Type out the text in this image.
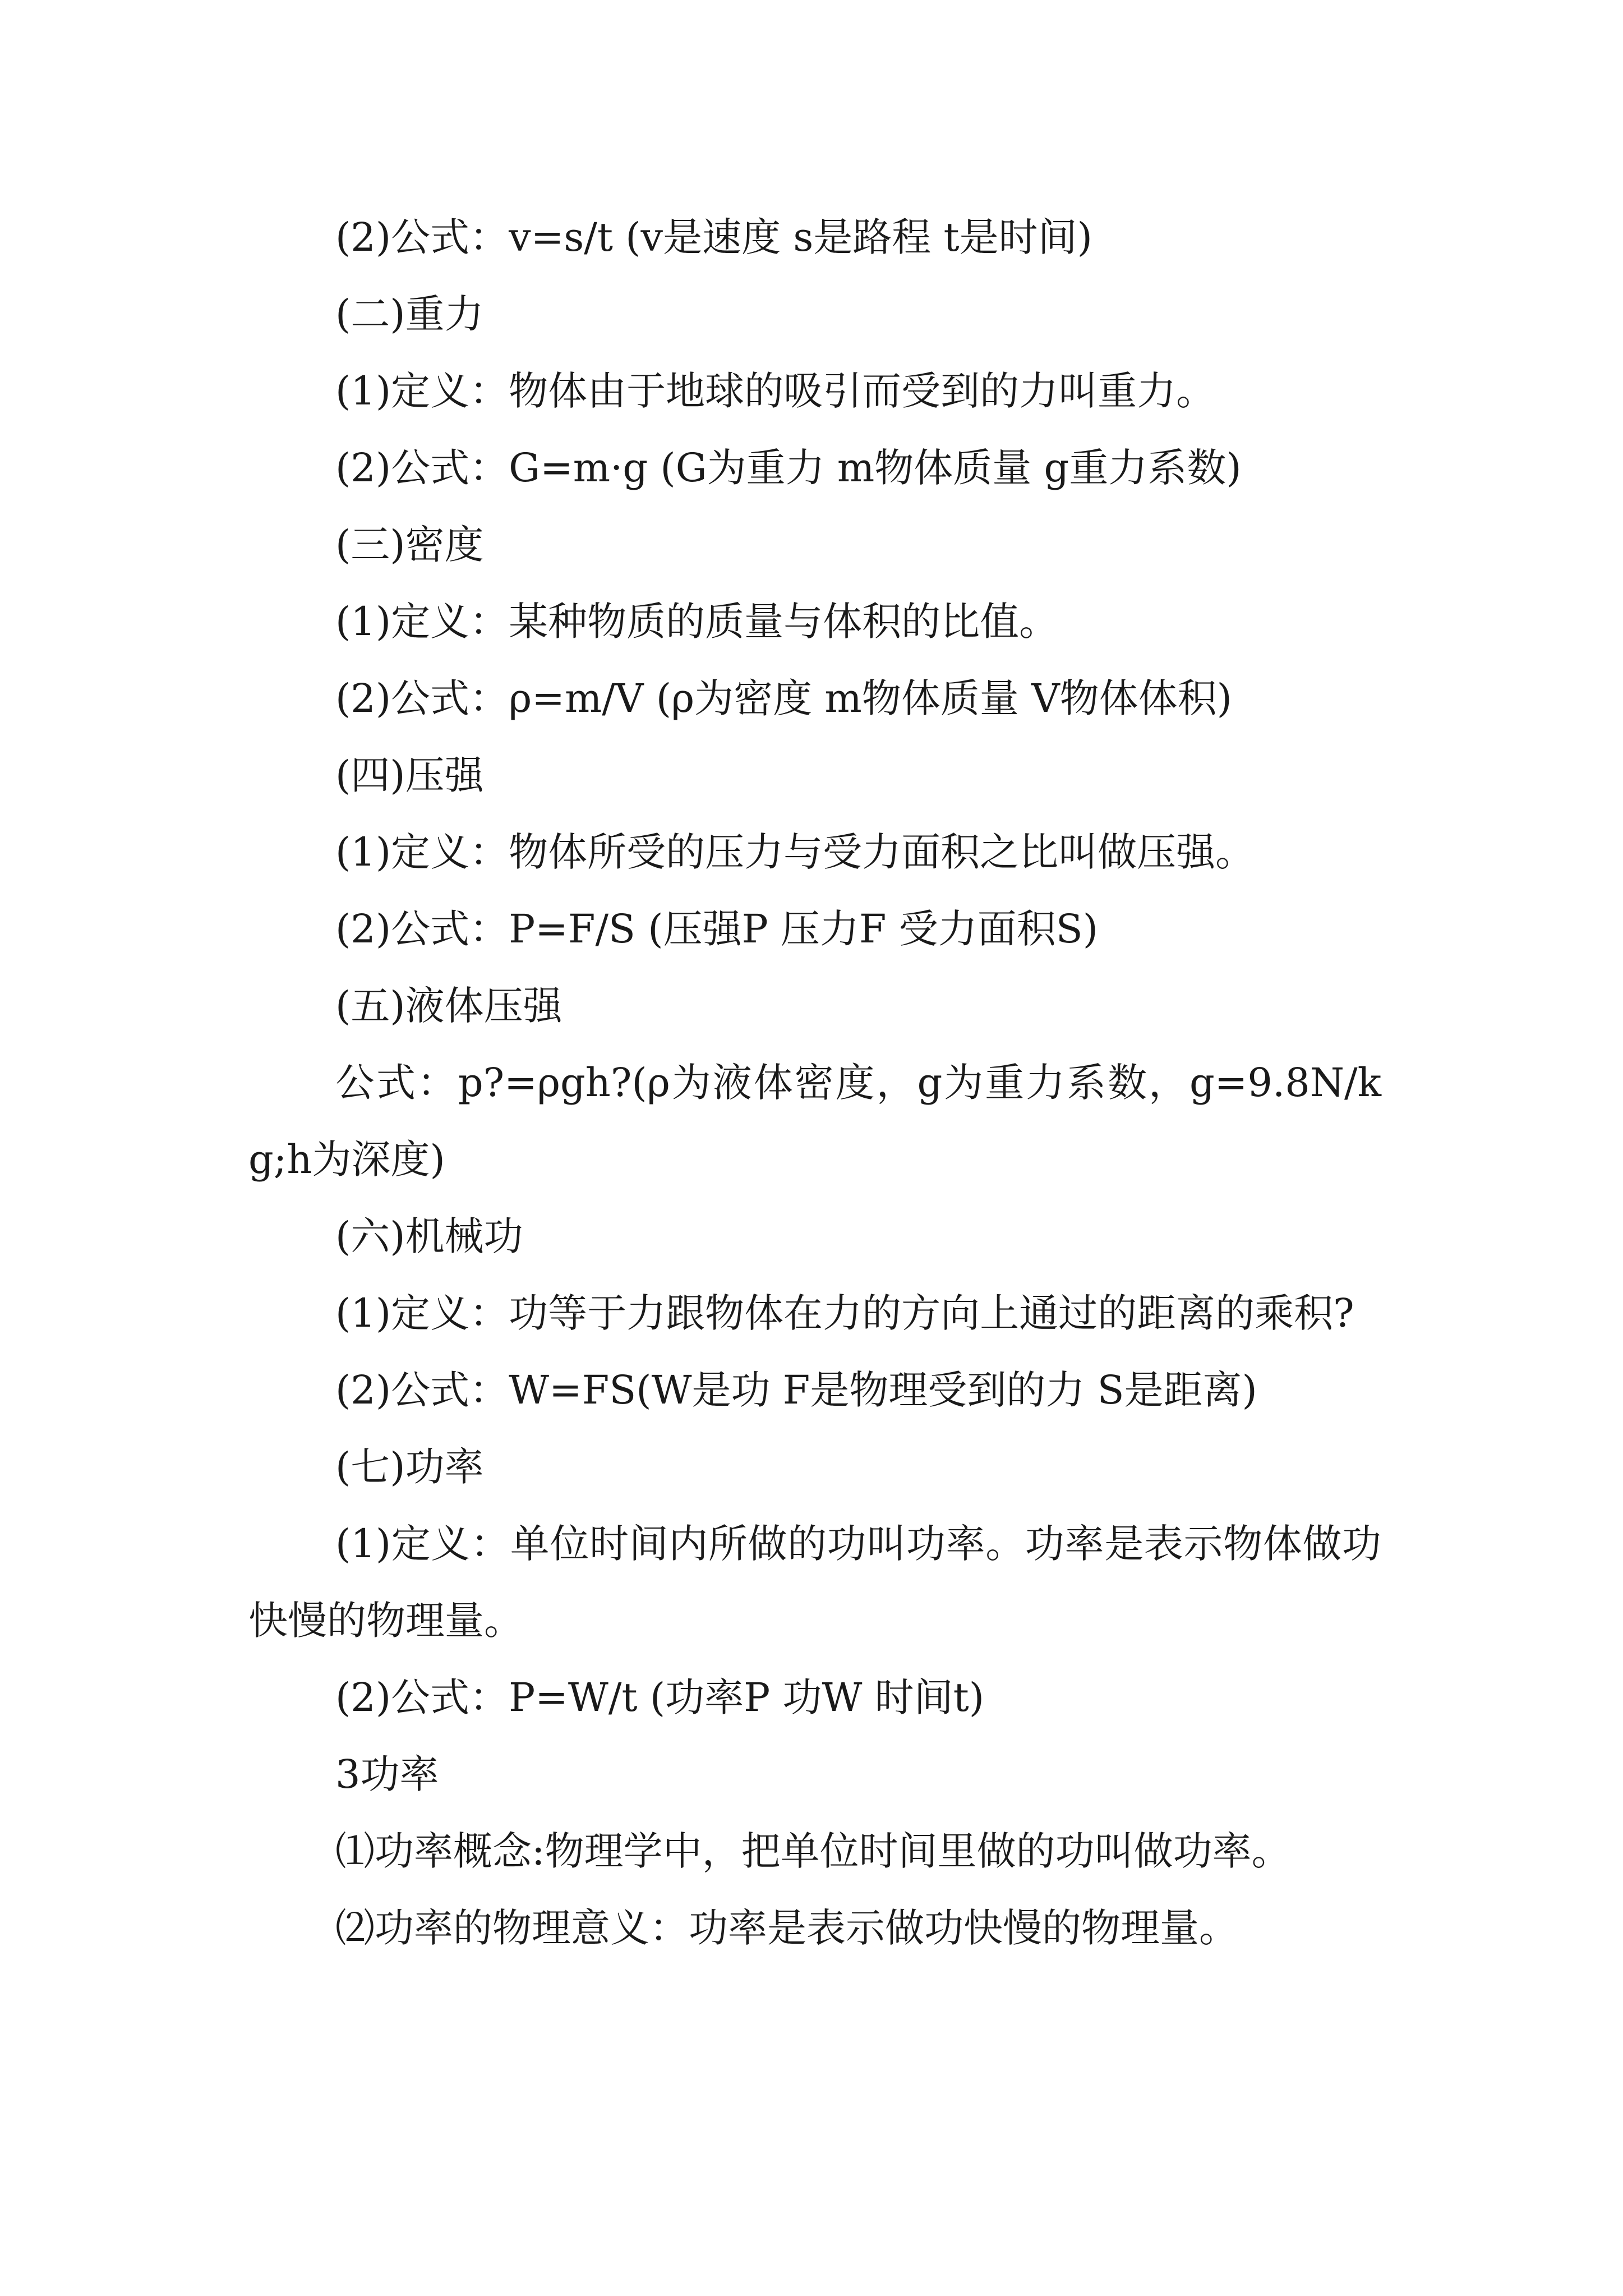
(2)公式：v=s/t (v是速度 s是路程 t是时间)

(二)重力

(1)定义：物体由于地球的吸引而受到的力叫重力。

(2)公式：G=m·g (G为重力 m物体质量 g重力系数)

(三)密度

(1)定义：某种物质的质量与体积的比值。

(2)公式：ρ=m/V (ρ为密度 m物体质量 V物体体积)

(四)压强

(1)定义：物体所受的压力与受力面积之比叫做压强。

(2)公式：P=F/S (压强P 压力F 受力面积S)

(五)液体压强

公式：p?=ρgh?(ρ为液体密度，g为重力系数，g=9.8N/kg;h为深度)

(六)机械功

(1)定义：功等于力跟物体在力的方向上通过的距离的乘积?

(2)公式：W=FS(W是功 F是物理受到的力 S是距离)

(七)功率

(1)定义：单位时间内所做的功叫功率。功率是表示物体做功快慢的物理量。

(2)公式：P=W/t (功率P 功W 时间t)

3功率

⑴功率概念:物理学中，把单位时间里做的功叫做功率。

⑵功率的物理意义：功率是表示做功快慢的物理量。
